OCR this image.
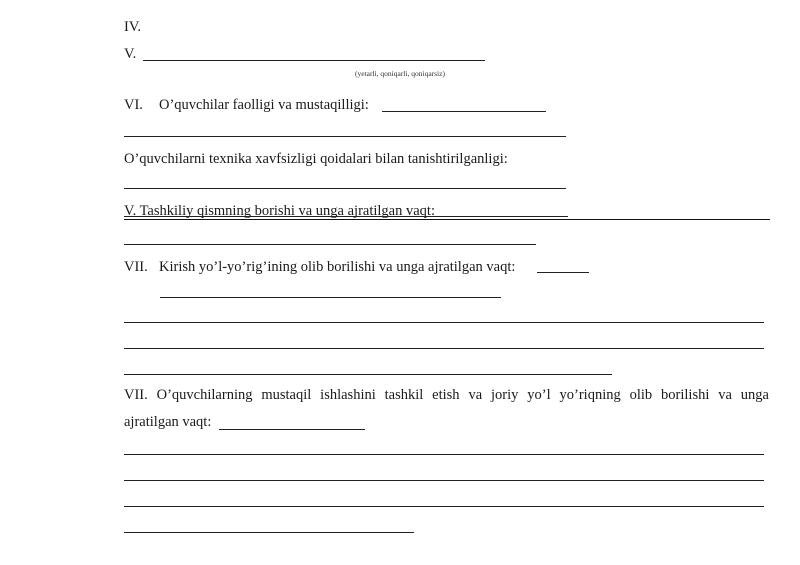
IV.
V.
(yetarli, qoniqarli, qoniqarsiz)
VI. O’quvchilar faolligi va mustaqilligi:
O’quvchilarni texnika xavfsizligi qoidalari bilan tanishtirilganligi:
V. Tashkiliy qismning borishi va unga ajratilgan vaqt:
VII. Kirish yo’l-yo’rig’ining olib borilishi va unga ajratilgan vaqt:
VII. O’quvchilarning mustaqil ishlashini tashkil etish va joriy yo’l yo’riqning olib borilishi va unga
ajratilgan vaqt:
